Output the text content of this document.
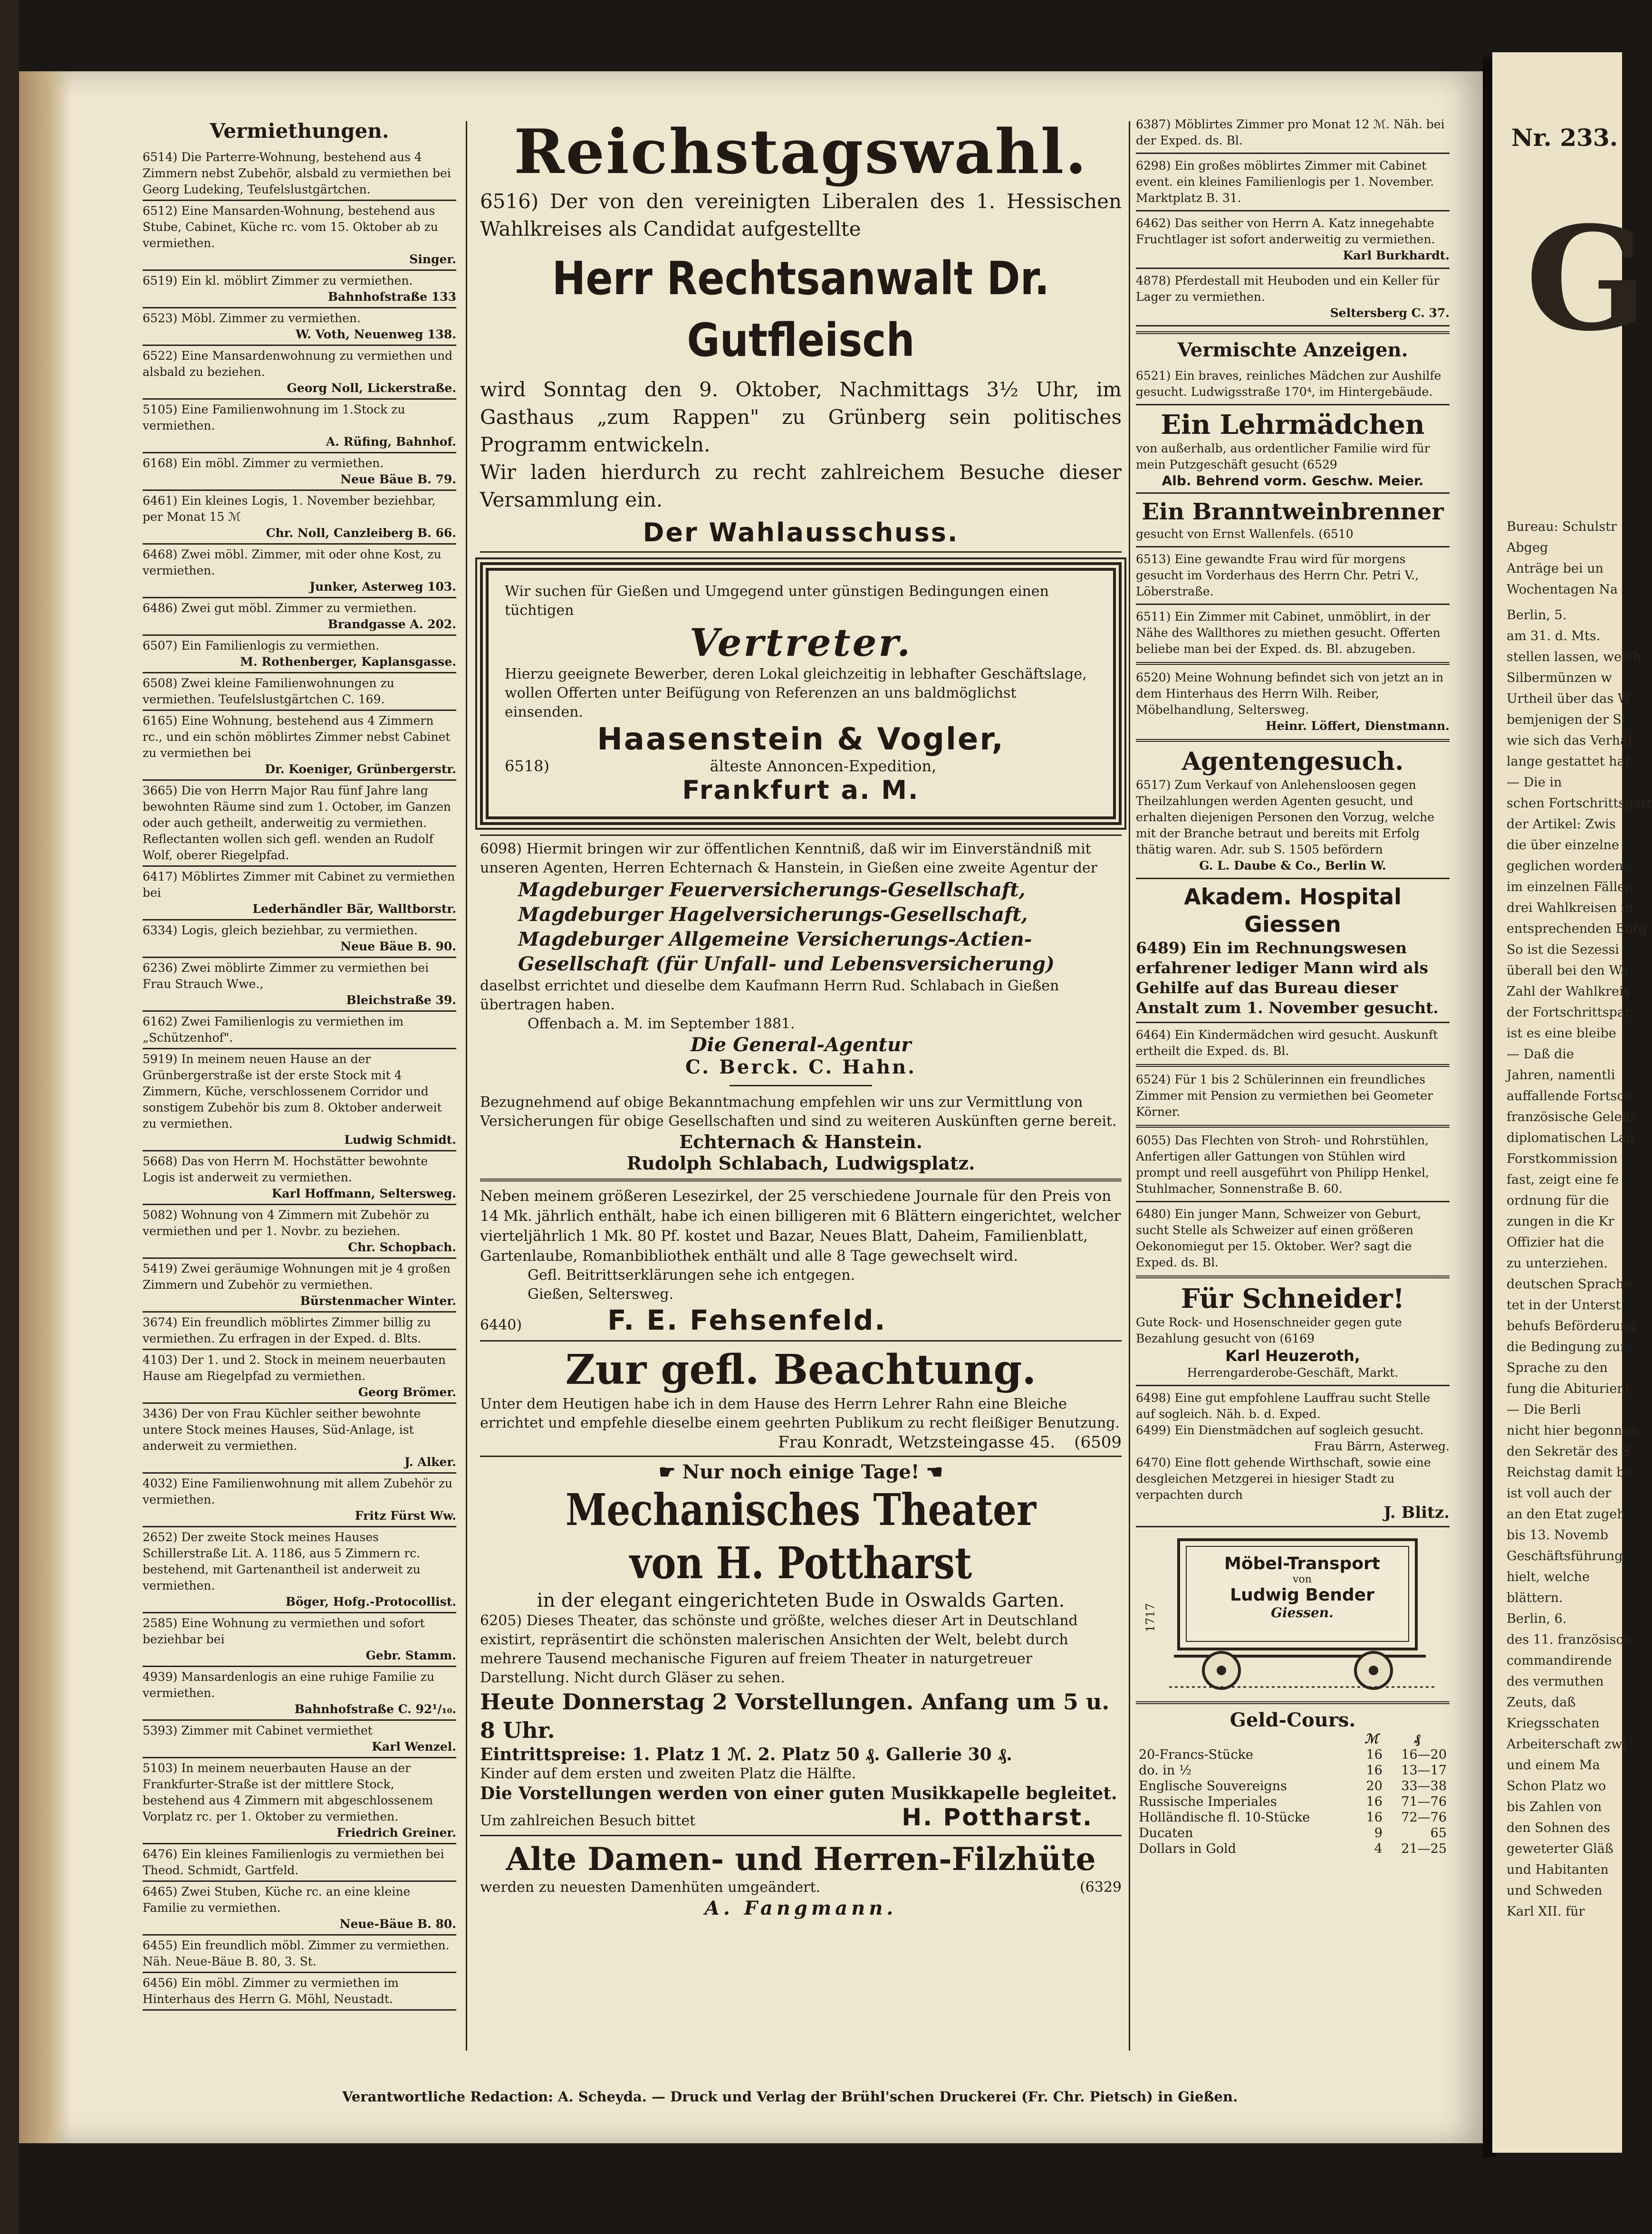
Vermiethungen.

6514) Die Parterre-Wohnung, bestehend aus 4 Zimmern nebst Zubehör, alsbald zu vermiethen bei Georg Ludeking, Teufelslustgärtchen.

6512) Eine Mansarden-Wohnung, bestehend aus Stube, Cabinet, Küche rc. vom 15. Oktober ab zu vermiethen.

Singer.

6519) Ein kl. möblirt Zimmer zu vermiethen.

Bahnhofstraße 133

6523) Möbl. Zimmer zu vermiethen.

W. Voth, Neuenweg 138.

6522) Eine Mansardenwohnung zu vermiethen und alsbald zu beziehen.

Georg Noll, Lickerstraße.

5105) Eine Familienwohnung im 1.Stock zu vermiethen.

A. Rüfing, Bahnhof.

6168) Ein möbl. Zimmer zu vermiethen.

Neue Bäue B. 79.

6461) Ein kleines Logis, 1. November beziehbar, per Monat 15 ℳ

Chr. Noll, Canzleiberg B. 66.

6468) Zwei möbl. Zimmer, mit oder ohne Kost, zu vermiethen.

Junker, Asterweg 103.

6486) Zwei gut möbl. Zimmer zu vermiethen.

Brandgasse A. 202.

6507) Ein Familienlogis zu vermiethen.

M. Rothenberger, Kaplansgasse.

6508) Zwei kleine Familienwohnungen zu vermiethen. Teufelslustgärtchen C. 169.

6165) Eine Wohnung, bestehend aus 4 Zimmern rc., und ein schön möblirtes Zimmer nebst Cabinet zu vermiethen bei

Dr. Koeniger, Grünbergerstr.

3665) Die von Herrn Major Rau fünf Jahre lang bewohnten Räume sind zum 1. October, im Ganzen oder auch getheilt, anderweitig zu vermiethen. Reflectanten wollen sich gefl. wenden an Rudolf Wolf, oberer Riegelpfad.

6417) Möblirtes Zimmer mit Cabinet zu vermiethen bei

Lederhändler Bär, Walltborstr.

6334) Logis, gleich beziehbar, zu vermiethen.

Neue Bäue B. 90.

6236) Zwei möblirte Zimmer zu vermiethen bei Frau Strauch Wwe.,

Bleichstraße 39.

6162) Zwei Familienlogis zu vermiethen im „Schützenhof".

5919) In meinem neuen Hause an der Grünbergerstraße ist der erste Stock mit 4 Zimmern, Küche, verschlossenem Corridor und sonstigem Zubehör bis zum 8. Oktober anderweit zu vermiethen.

Ludwig Schmidt.

5668) Das von Herrn M. Hochstätter bewohnte Logis ist anderweit zu vermiethen.

Karl Hoffmann, Seltersweg.

5082) Wohnung von 4 Zimmern mit Zubehör zu vermiethen und per 1. Novbr. zu beziehen.

Chr. Schopbach.

5419) Zwei geräumige Wohnungen mit je 4 großen Zimmern und Zubehör zu vermiethen.

Bürstenmacher Winter.

3674) Ein freundlich möblirtes Zimmer billig zu vermiethen. Zu erfragen in der Exped. d. Blts.

4103) Der 1. und 2. Stock in meinem neuerbauten Hause am Riegelpfad zu vermiethen.

Georg Brömer.

3436) Der von Frau Küchler seither bewohnte untere Stock meines Hauses, Süd-Anlage, ist anderweit zu vermiethen.

J. Alker.

4032) Eine Familienwohnung mit allem Zubehör zu vermiethen.

Fritz Fürst Ww.

2652) Der zweite Stock meines Hauses Schillerstraße Lit. A. 1186, aus 5 Zimmern rc. bestehend, mit Gartenantheil ist anderweit zu vermiethen.

Böger, Hofg.-Protocollist.

2585) Eine Wohnung zu vermiethen und sofort beziehbar bei

Gebr. Stamm.

4939) Mansardenlogis an eine ruhige Familie zu vermiethen.

Bahnhofstraße C. 92¹/₁₀.

5393) Zimmer mit Cabinet vermiethet

Karl Wenzel.

5103) In meinem neuerbauten Hause an der Frankfurter-Straße ist der mittlere Stock, bestehend aus 4 Zimmern mit abgeschlossenem Vorplatz rc. per 1. Oktober zu vermiethen.

Friedrich Greiner.

6476) Ein kleines Familienlogis zu vermiethen bei Theod. Schmidt, Gartfeld.

6465) Zwei Stuben, Küche rc. an eine kleine Familie zu vermiethen.

Neue-Bäue B. 80.

6455) Ein freundlich möbl. Zimmer zu vermiethen. Näh. Neue-Bäue B. 80, 3. St.

6456) Ein möbl. Zimmer zu vermiethen im Hinterhaus des Herrn G. Möhl, Neustadt.

Reichstagswahl.
6516) Der von den vereinigten Liberalen des 1. Hessischen Wahlkreises als Candidat aufgestellte
Herr Rechtsanwalt Dr. Gutfleisch
wird Sonntag den 9. Oktober, Nachmittags 3½ Uhr, im Gasthaus „zum Rappen" zu Grünberg sein politisches Programm entwickeln.
Wir laden hierdurch zu recht zahlreichem Besuche dieser Versammlung ein.
Der Wahlausschuss.
Wir suchen für Gießen und Umgegend unter günstigen Bedingungen einen tüchtigen
Vertreter.
Hierzu geeignete Bewerber, deren Lokal gleichzeitig in lebhafter Geschäftslage, wollen Offerten unter Beifügung von Referenzen an uns baldmöglichst einsenden.
Haasenstein & Vogler,
6518)	älteste Annoncen-Expedition,
Frankfurt a. M.
6098) Hiermit bringen wir zur öffentlichen Kenntniß, daß wir im Einverständniß mit unseren Agenten, Herren Echternach & Hanstein, in Gießen eine zweite Agentur der
Magdeburger Feuerversicherungs-Gesellschaft,
Magdeburger Hagelversicherungs-Gesellschaft,
Magdeburger Allgemeine Versicherungs-Actien-Gesellschaft (für Unfall- und Lebensversicherung)
daselbst errichtet und dieselbe dem Kaufmann Herrn Rud. Schlabach in Gießen übertragen haben.
Offenbach a. M. im September 1881.
Die General-Agentur
C. Berck. C. Hahn.
Bezugnehmend auf obige Bekanntmachung empfehlen wir uns zur Vermittlung von Versicherungen für obige Gesellschaften und sind zu weiteren Auskünften gerne bereit.
Echternach & Hanstein.
Rudolph Schlabach, Ludwigsplatz.
Neben meinem größeren Lesezirkel, der 25 verschiedene Journale für den Preis von 14 Mk. jährlich enthält, habe ich einen billigeren mit 6 Blättern eingerichtet, welcher vierteljährlich 1 Mk. 80 Pf. kostet und Bazar, Neues Blatt, Daheim, Familienblatt, Gartenlaube, Romanbibliothek enthält und alle 8 Tage gewechselt wird.
Gefl. Beitrittserklärungen sehe ich entgegen.
Gießen, Seltersweg.
6440)	F. E. Fehsenfeld.
Zur gefl. Beachtung.
Unter dem Heutigen habe ich in dem Hause des Herrn Lehrer Rahn eine Bleiche errichtet und empfehle dieselbe einem geehrten Publikum zu recht fleißiger Benutzung.
Frau Konradt, Wetzsteingasse 45. (6509
☛ Nur noch einige Tage! ☚
Mechanisches Theater von H. Pottharst
in der elegant eingerichteten Bude in Oswalds Garten.
6205) Dieses Theater, das schönste und größte, welches dieser Art in Deutschland existirt, repräsentirt die schönsten malerischen Ansichten der Welt, belebt durch mehrere Tausend mechanische Figuren auf freiem Theater in naturgetreuer Darstellung. Nicht durch Gläser zu sehen.
Heute Donnerstag 2 Vorstellungen. Anfang um 5 u. 8 Uhr.
Eintrittspreise: 1. Platz 1 ℳ. 2. Platz 50 ₰. Gallerie 30 ₰.
Kinder auf dem ersten und zweiten Platz die Hälfte.
Die Vorstellungen werden von einer guten Musikkapelle begleitet.
Um zahlreichen Besuch bittet	H. Pottharst.
Alte Damen- und Herren-Filzhüte
werden zu neuesten Damenhüten umgeändert.	(6329
A. Fangmann.

6387) Möblirtes Zimmer pro Monat 12 ℳ. Näh. bei der Exped. ds. Bl.

6298) Ein großes möblirtes Zimmer mit Cabinet event. ein kleines Familienlogis per 1. November. Marktplatz B. 31.

6462) Das seither von Herrn A. Katz innegehabte Fruchtlager ist sofort anderweitig zu vermiethen.

Karl Burkhardt.

4878) Pferdestall mit Heuboden und ein Keller für Lager zu vermiethen.

Seltersberg C. 37.

Vermischte Anzeigen.
6521) Ein braves, reinliches Mädchen zur Aushilfe gesucht. Ludwigsstraße 170⁴, im Hintergebäude.
Ein Lehrmädchen
von außerhalb, aus ordentlicher Familie wird für mein Putzgeschäft gesucht (6529
Alb. Behrend vorm. Geschw. Meier.
Ein Branntweinbrenner
gesucht von Ernst Wallenfels. (6510
6513) Eine gewandte Frau wird für morgens gesucht im Vorderhaus des Herrn Chr. Petri V., Löberstraße.
6511) Ein Zimmer mit Cabinet, unmöblirt, in der Nähe des Wallthores zu miethen gesucht. Offerten beliebe man bei der Exped. ds. Bl. abzugeben.
6520) Meine Wohnung befindet sich von jetzt an in dem Hinterhaus des Herrn Wilh. Reiber, Möbelhandlung, Seltersweg.
Heinr. Löffert, Dienstmann.
Agentengesuch.
6517) Zum Verkauf von Anlehensloosen gegen Theilzahlungen werden Agenten gesucht, und erhalten diejenigen Personen den Vorzug, welche mit der Branche betraut und bereits mit Erfolg thätig waren. Adr. sub S. 1505 befördern
G. L. Daube & Co., Berlin W.
Akadem. Hospital Giessen
6489) Ein im Rechnungswesen erfahrener lediger Mann wird als Gehilfe auf das Bureau dieser Anstalt zum 1. November gesucht.
6464) Ein Kindermädchen wird gesucht. Auskunft ertheilt die Exped. ds. Bl.
6524) Für 1 bis 2 Schülerinnen ein freundliches Zimmer mit Pension zu vermiethen bei Geometer Körner.
6055) Das Flechten von Stroh- und Rohrstühlen, Anfertigen aller Gattungen von Stühlen wird prompt und reell ausgeführt von Philipp Henkel, Stuhlmacher, Sonnenstraße B. 60.
6480) Ein junger Mann, Schweizer von Geburt, sucht Stelle als Schweizer auf einen größeren Oekonomiegut per 15. Oktober. Wer? sagt die Exped. ds. Bl.
Für Schneider!
Gute Rock- und Hosenschneider gegen gute Bezahlung gesucht von (6169
Karl Heuzeroth,
Herrengarderobe-Geschäft, Markt.
6498) Eine gut empfohlene Lauffrau sucht Stelle auf sogleich. Näh. b. d. Exped.
6499) Ein Dienstmädchen auf sogleich gesucht.
Frau Bärrn, Asterweg.
6470) Eine flott gehende Wirthschaft, sowie eine desgleichen Metzgerei in hiesiger Stadt zu verpachten durch
J. Blitz.
1717
Möbel-Transport
von
Ludwig Bender
Giessen.
Geld-Cours.
	ℳ	₰
20-Francs-Stücke	16	16—20
do. in ½	16	13—17
Englische Souvereigns	20	33—38
Russische Imperiales	16	71—76
Holländische fl. 10-Stücke	16	72—76
Ducaten	9	65
Dollars in Gold	4	21—25
Verantwortliche Redaction: A. Scheyda. — Druck und Verlag der Brühl'schen Druckerei (Fr. Chr. Pietsch) in Gießen.
Nr. 233.
G
Bureau: Schulstr
Abgeg
Anträge bei un
Wochentagen Na
Berlin, 5.
am 31. d. Mts.
stellen lassen, welch
Silbermünzen w
Urtheil über das W
bemjenigen der Si
wie sich das Verhäl
lange gestattet hat.
— Die in
schen Fortschrittspart
der Artikel: Zwis
die über einzelne
geglichen worden.
im einzelnen Fällen
drei Wahlkreisen in
entsprechenden Entg
So ist die Sezessi
überall bei den Wa
Zahl der Wahlkreis
der Fortschrittspar
ist es eine bleibe
— Daß die
Jahren, namentli
auffallende Fortsch
französische Gelehr
diplomatischen Lau
Forstkommission
fast, zeigt eine fe
ordnung für die
zungen in die Kr
Offizier hat die
zu unterziehen.
deutschen Sprache
tet in der Unterst
behufs Beförderung
die Bedingung zur
Sprache zu den
fung die Abiturient
— Die Berli
nicht hier begonnen
den Sekretär des S
Reichstag damit be
ist voll auch der
an den Etat zugeh
bis 13. Novemb
Geschäftsführung
hielt, welche
blättern.
Berlin, 6.
des 11. französisch
commandirende
des vermuthen
Zeuts, daß
Kriegsschaten
Arbeiterschaft zwi
und einem Ma
Schon Platz wo
bis Zahlen von
den Sohnen des
geweterter Gläß
und Habitanten
und Schweden
Karl XII. für
